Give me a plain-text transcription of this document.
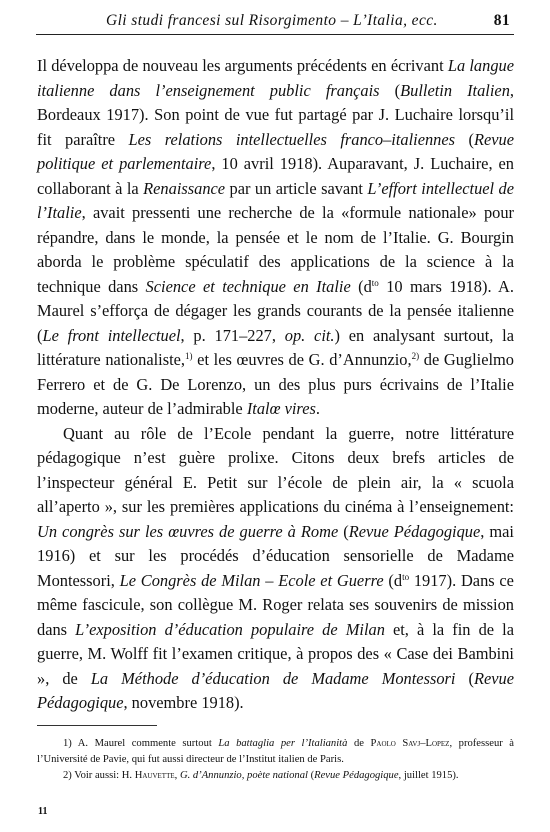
Gli studi francesi sul Risorgimento – L’Italia, ecc.	81

Il développa de nouveau les arguments précédents en écrivant La langue italienne dans l’enseignement public français (Bulletin Italien, Bordeaux 1917). Son point de vue fut partagé par J. Luchaire lorsqu’il fit paraître Les relations intellectuelles franco–italiennes (Revue politique et parlementaire, 10 avril 1918). Auparavant, J. Luchaire, en collaborant à la Renaissance par un article savant L’effort intellectuel de l’Italie, avait pressenti une recherche de la «formule nationale» pour répandre, dans le monde, la pensée et le nom de l’Italie. G. Bourgin aborda le problème spéculatif des applications de la science à la technique dans Science et technique en Italie ($d^{to}$ 10 mars 1918). A. Maurel s’efforça de dégager les grands courants de la pensée italienne (Le front intellectuel, p. 171–227, op. cit.) en analysant surtout, la littérature nationaliste,$^{1)}$ et les œuvres de G. d’Annunzio,$^{2)}$ de Guglielmo Ferrero et de G. De Lorenzo, un des plus purs écrivains de l’Italie moderne, auteur de l’admirable Italœ vires.

Quant au rôle de l’Ecole pendant la guerre, notre littérature pédagogique n’est guère prolixe. Citons deux brefs articles de l’inspecteur général E. Petit sur l’école de plein air, la « scuola all’aperto », sur les premières applications du cinéma à l’enseignement: Un congrès sur les œuvres de guerre à Rome (Revue Pédagogique, mai 1916) et sur les procédés d’éducation sensorielle de Madame Montessori, Le Congrès de Milan – Ecole et Guerre ($d^{to}$ 1917). Dans ce même fascicule, son collègue M. Roger relata ses souvenirs de mission dans L’exposition d’éducation populaire de Milan et, à la fin de la guerre, M. Wolff fit l’examen critique, à propos des « Case dei Bambini », de La Méthode d’éducation de Madame Montessori (Revue Pédagogique, novembre 1918).

1) A. Maurel commente surtout La battaglia per l’Italianità de Paolo Savj–Lopez, professeur à l’Université de Pavie, qui fut aussi directeur de l’Institut italien de Paris.

2) Voir aussi: H. Hauvette, G. d’Annunzio, poète national (Revue Pédagogique, juillet 1915).

11
